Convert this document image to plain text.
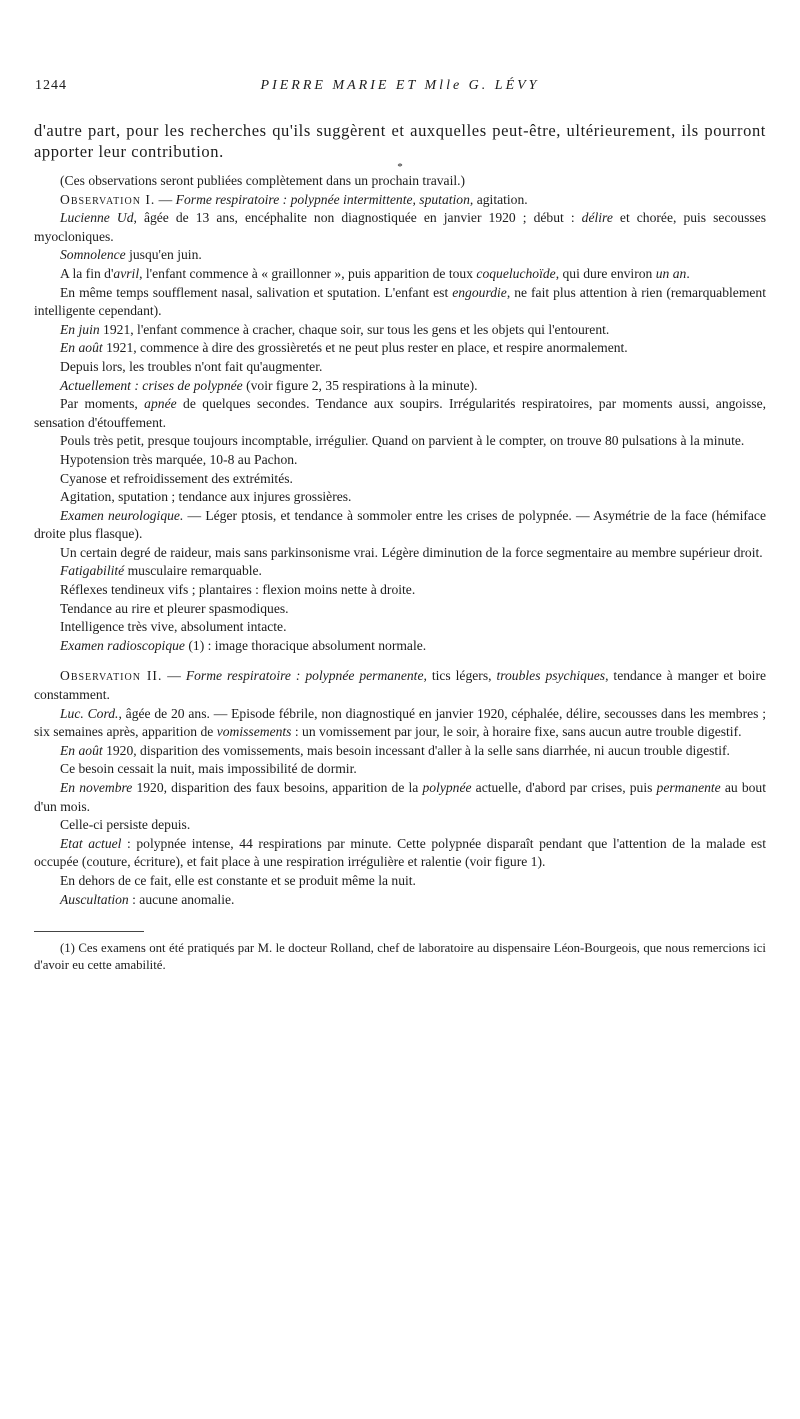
1244	PIERRE MARIE ET Mlle G. LÉVY

d'autre part, pour les recherches qu'ils suggèrent et auxquelles peut-être, ultérieurement, ils pourront apporter leur contribution.

*

(Ces observations seront publiées complètement dans un prochain travail.)

Observation I. — Forme respiratoire : polypnée intermittente, sputation, agitation.

Lucienne Ud, âgée de 13 ans, encéphalite non diagnostiquée en janvier 1920 ; début : délire et chorée, puis secousses myocloniques.

Somnolence jusqu'en juin.

A la fin d'avril, l'enfant commence à « graillonner », puis apparition de toux coqueluchoïde, qui dure environ un an.

En même temps soufflement nasal, salivation et sputation. L'enfant est engourdie, ne fait plus attention à rien (remarquablement intelligente cependant).

En juin 1921, l'enfant commence à cracher, chaque soir, sur tous les gens et les objets qui l'entourent.

En août 1921, commence à dire des grossièretés et ne peut plus rester en place, et respire anormalement.

Depuis lors, les troubles n'ont fait qu'augmenter.

Actuellement : crises de polypnée (voir figure 2, 35 respirations à la minute).

Par moments, apnée de quelques secondes. Tendance aux soupirs. Irrégularités respiratoires, par moments aussi, angoisse, sensation d'étouffement.

Pouls très petit, presque toujours incomptable, irrégulier. Quand on parvient à le compter, on trouve 80 pulsations à la minute.

Hypotension très marquée, 10-8 au Pachon.

Cyanose et refroidissement des extrémités.

Agitation, sputation ; tendance aux injures grossières.

Examen neurologique. — Léger ptosis, et tendance à sommoler entre les crises de polypnée. — Asymétrie de la face (hémiface droite plus flasque).

Un certain degré de raideur, mais sans parkinsonisme vrai. Légère diminution de la force segmentaire au membre supérieur droit.

Fatigabilité musculaire remarquable.

Réflexes tendineux vifs ; plantaires : flexion moins nette à droite.

Tendance au rire et pleurer spasmodiques.

Intelligence très vive, absolument intacte.

Examen radioscopique (1) : image thoracique absolument normale.

Observation II. — Forme respiratoire : polypnée permanente, tics légers, troubles psychiques, tendance à manger et boire constamment.

Luc. Cord., âgée de 20 ans. — Episode fébrile, non diagnostiqué en janvier 1920, céphalée, délire, secousses dans les membres ; six semaines après, apparition de vomissements : un vomissement par jour, le soir, à horaire fixe, sans aucun autre trouble digestif.

En août 1920, disparition des vomissements, mais besoin incessant d'aller à la selle sans diarrhée, ni aucun trouble digestif.

Ce besoin cessait la nuit, mais impossibilité de dormir.

En novembre 1920, disparition des faux besoins, apparition de la polypnée actuelle, d'abord par crises, puis permanente au bout d'un mois.

Celle-ci persiste depuis.

Etat actuel : polypnée intense, 44 respirations par minute. Cette polypnée disparaît pendant que l'attention de la malade est occupée (couture, écriture), et fait place à une respiration irrégulière et ralentie (voir figure 1).

En dehors de ce fait, elle est constante et se produit même la nuit.

Auscultation : aucune anomalie.

(1) Ces examens ont été pratiqués par M. le docteur Rolland, chef de laboratoire au dispensaire Léon-Bourgeois, que nous remercions ici d'avoir eu cette amabilité.
